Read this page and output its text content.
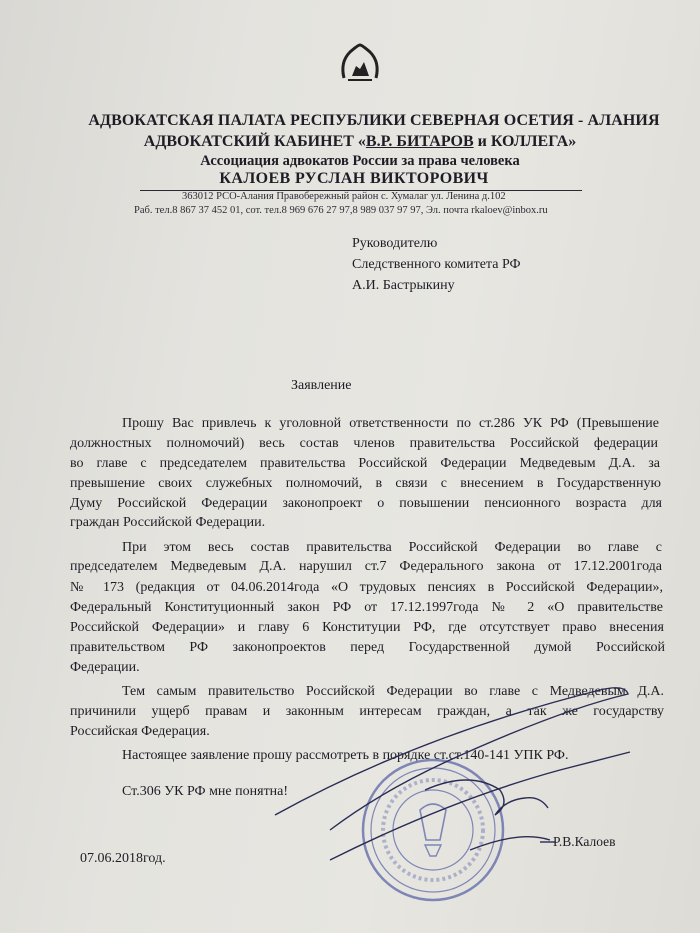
АДВОКАТСКАЯ ПАЛАТА РЕСПУБЛИКИ СЕВЕРНАЯ ОСЕТИЯ - АЛАНИЯ
АДВОКАТСКИЙ КАБИНЕТ «В.Р. БИТАРОВ и КОЛЛЕГА»
Ассоциация адвокатов России за права человека
КАЛОЕВ РУСЛАН ВИКТОРОВИЧ
363012 РСО-Алания Правобережный район с. Хумалаг ул. Ленина д.102
Раб. тел.8 867 37 452 01, сот. тел.8 969 676 27 97,8 989 037 97 97, Эл. почта rkaloev@inbox.ru
Руководителю
Следственного комитета РФ
А.И. Бастрыкину
Заявление
Прошу Вас привлечь к уголовной ответственности по ст.286 УК РФ (Превышение
должностных полномочий) весь состав членов правительства Российской федерации
во главе с председателем правительства Российской Федерации Медведевым Д.А. за
превышение своих служебных полномочий, в связи с внесением в Государственную
Думу Российской Федерации законопроект о повышении пенсионного возраста для
граждан Российской Федерации.
При этом весь состав правительства Российской Федерации во главе с
председателем Медведевым Д.А. нарушил ст.7 Федерального закона от 17.12.2001года
№ 173 (редакция от 04.06.2014года «О трудовых пенсиях в Российской Федерации»,
Федеральный Конституционный закон РФ от 17.12.1997года № 2 «О правительстве
Российской Федерации» и главу 6 Конституции РФ, где отсутствует право внесения
правительством РФ законопроектов перед Государственной думой Российской
Федерации.
Тем самым правительство Российской Федерации во главе с Медведевым Д.А.
причинили ущерб правам и законным интересам граждан, а так же государству
Российская Федерация.
Настоящее заявление прошу рассмотреть в порядке ст.ст.140-141 УПК РФ.
Ст.306 УК РФ мне понятна!
Р.В.Калоев
07.06.2018год.
